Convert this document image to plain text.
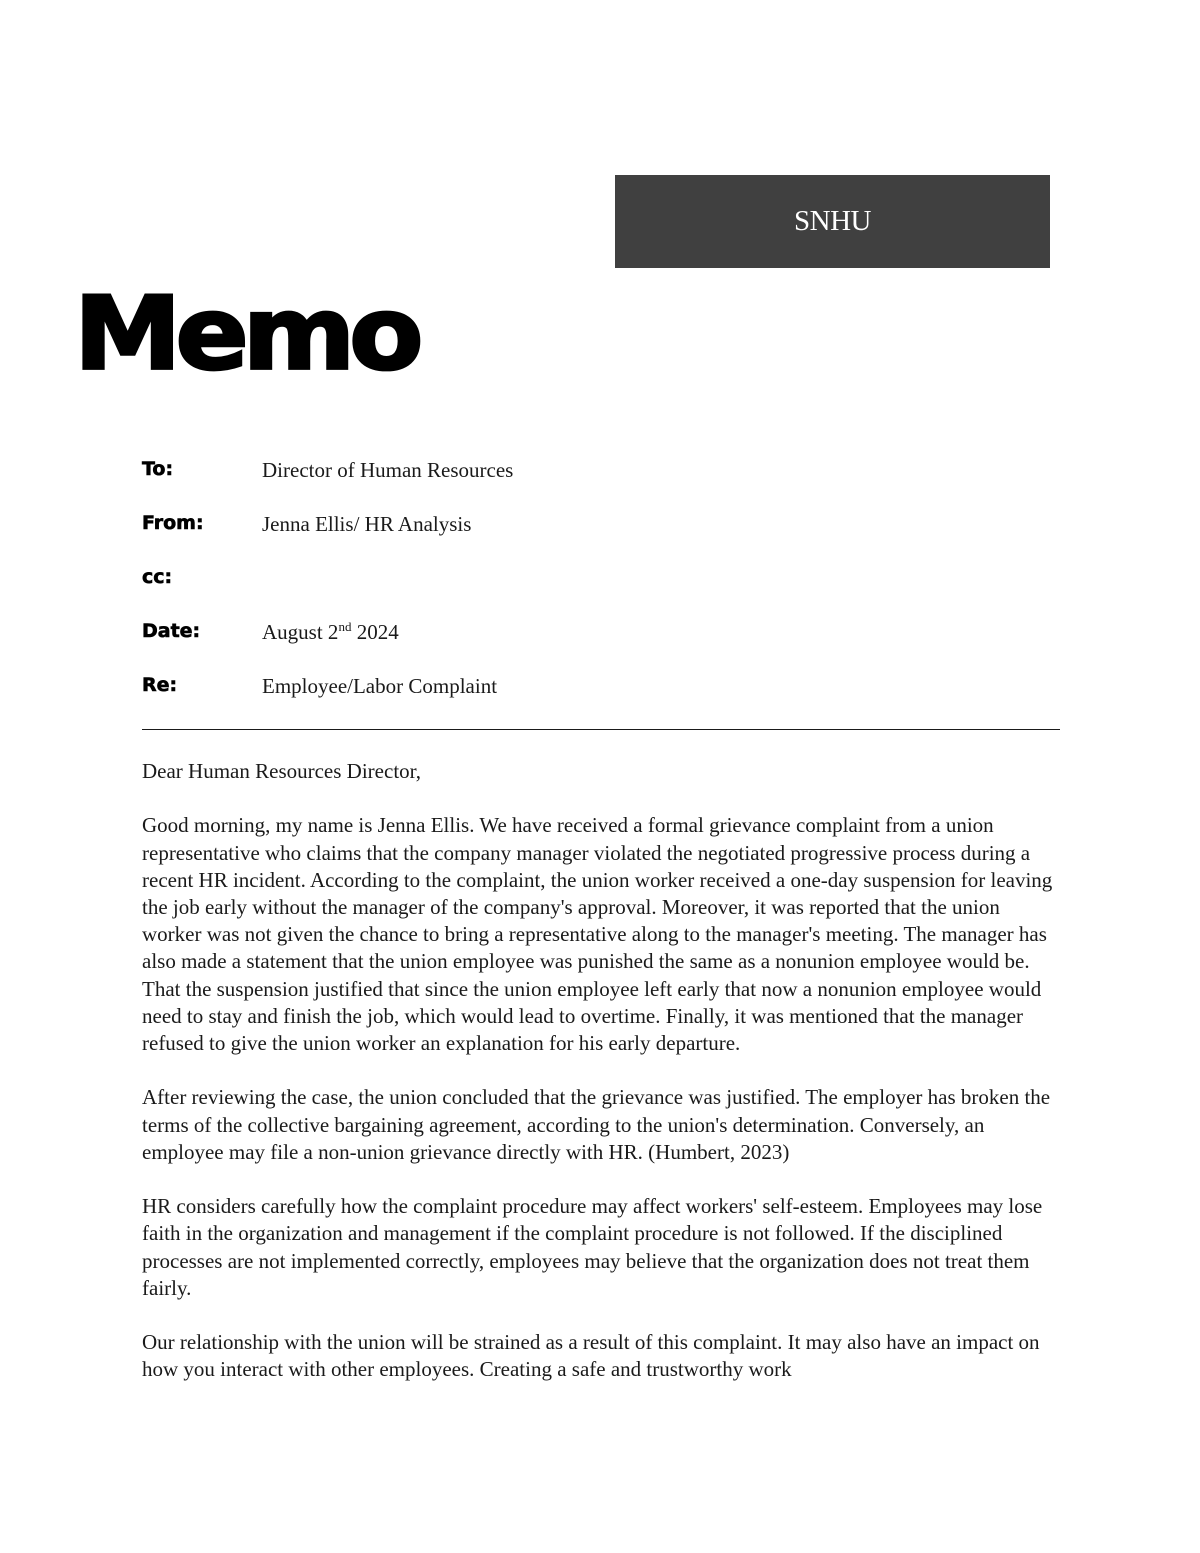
SNHU
Memo
To:	Director of Human Resources
From:	Jenna Ellis/ HR Analysis
cc:
Date:	August 2nd 2024
Re:	Employee/Labor Complaint

Dear Human Resources Director,

Good morning, my name is Jenna Ellis. We have received a formal grievance complaint from a union representative who claims that the company manager violated the negotiated progressive process during a recent HR incident. According to the complaint, the union worker received a one-day suspension for leaving the job early without the manager of the company's approval. Moreover, it was reported that the union worker was not given the chance to bring a representative along to the manager's meeting. The manager has also made a statement that the union employee was punished the same as a nonunion employee would be. That the suspension justified that since the union employee left early that now a nonunion employee would need to stay and finish the job, which would lead to overtime. Finally, it was mentioned that the manager refused to give the union worker an explanation for his early departure.

After reviewing the case, the union concluded that the grievance was justified. The employer has broken the terms of the collective bargaining agreement, according to the union's determination. Conversely, an employee may file a non-union grievance directly with HR. (Humbert, 2023)

HR considers carefully how the complaint procedure may affect workers' self-esteem. Employees may lose faith in the organization and management if the complaint procedure is not followed. If the disciplined processes are not implemented correctly, employees may believe that the organization does not treat them fairly.

Our relationship with the union will be strained as a result of this complaint. It may also have an impact on how you interact with other employees. Creating a safe and trustworthy work
